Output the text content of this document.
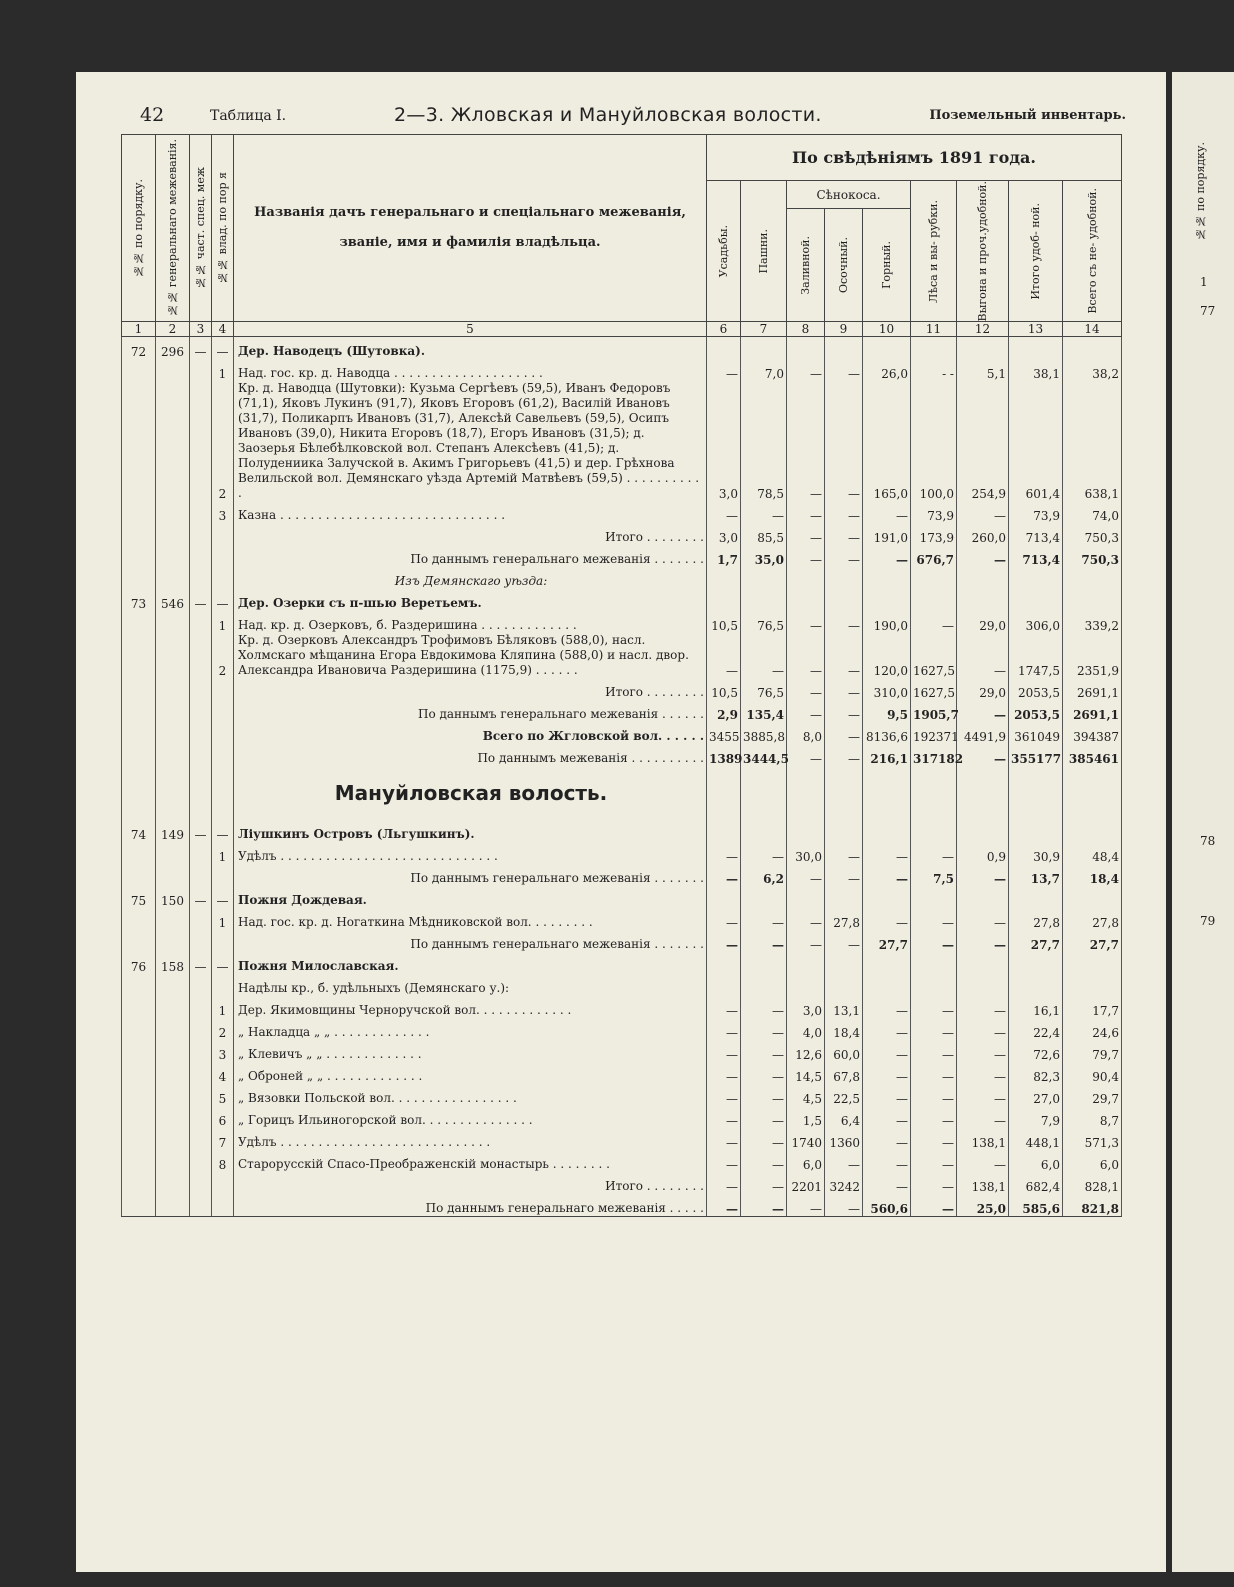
42	Таблица I.	2—3. Жловская и Мануйловская волости.	Поземельный инвентарь.
№№ по порядку.	№№ генеральнаго межеванія.	№№ част. спец. меж	№№ влад. по пор я	Названія дачъ генеральнаго и спеціальнаго межеванія, званіе, имя и фамилія владѣльца.	По свѣдѣніямъ 1891 года.								

					Усадьбы.	Пашни.	Сѣнокоса.			Лѣса и вы- рубки.	Выгона и проч.удобной.	Итого удоб- ной.	Всего съ не- удобной.

							Заливной.	Осочный.	Горный.				

1	2	3	4	5	6	7	8	9	10	11	12	13	14
72	296	—	—	Дер. Наводецъ (Шутовка).									
			1	Над. гос. кр. д. Наводца . . . . . . . . . . . . . . . . . . . .	—	7,0	—	—	26,0	- -	5,1	38,1	38,2
			2	Кр. д. Наводца (Шутовки): Кузьма Сергѣевъ (59,5), Иванъ Федоровъ (71,1), Яковъ Лукинъ (91,7), Яковъ Егоровъ (61,2), Василій Ивановъ (31,7), Поликарпъ Ивановъ (31,7), Алексѣй Савельевъ (59,5), Осипъ Ивановъ (39,0), Никита Егоровъ (18,7), Егоръ Ивановъ (31,5); д. Заозерья Бѣлебѣлковской вол. Степанъ Алексѣевъ (41,5); д. Полудениика Залучской в. Акимъ Григорьевъ (41,5) и дер. Грѣхнова Велильской вол. Демянскаго уѣзда Артемій Матвѣевъ (59,5) . . . . . . . . . . .	3,0	78,5	—	—	165,0	100,0	254,9	601,4	638,1
			3	Казна . . . . . . . . . . . . . . . . . . . . . . . . . . . . . .	—	—	—	—	—	73,9	—	73,9	74,0
				Итого . . . . . . . .	3,0	85,5	—	—	191,0	173,9	260,0	713,4	750,3
				По даннымъ генеральнаго межеванія . . . . . . .	1,7	35,0	—	—	—	676,7	—	713,4	750,3
				Изъ Демянскаго уѣзда:									
73	546	—	—	Дер. Озерки съ п-шью Веретьемъ.									
			1	Над. кр. д. Озерковъ, б. Раздеришина . . . . . . . . . . . . .	10,5	76,5	—	—	190,0	—	29,0	306,0	339,2
			2	Кр. д. Озерковъ Александръ Трофимовъ Бѣляковъ (588,0), насл. Холмскаго мѣщанина Егора Евдокимова Кляпина (588,0) и насл. двор. Александра Ивановича Раздеришина (1175,9) . . . . . .	—	—	—	—	120,0	1627,5	—	1747,5	2351,9
				Итого . . . . . . . .	10,5	76,5	—	—	310,0	1627,5	29,0	2053,5	2691,1
				По даннымъ генеральнаго межеванія . . . . . .	2,9	135,4	—	—	9,5	1905,7	—	2053,5	2691,1
				Всего по Жгловской вол. . . . . .	3455	3885,8	8,0	—	8136,6	192371	4491,9	361049	394387
				По даннымъ межеванія . . . . . . . . . .	1389	3444,5	—	—	216,1	317182	—	355177	385461
				Мануйловская волость.									
74	149	—	—	Ліушкинъ Островъ (Льгушкинъ).									
			1	Удѣлъ . . . . . . . . . . . . . . . . . . . . . . . . . . . . .	—	—	30,0	—	—	—	0,9	30,9	48,4
				По даннымъ генеральнаго межеванія . . . . . . .	—	6,2	—	—	—	7,5	—	13,7	18,4
75	150	—	—	Пожня Дождевая.									
			1	Над. гос. кр. д. Ногаткина Мѣдниковской вол. . . . . . . . .	—	—	—	27,8	—	—	—	27,8	27,8
				По даннымъ генеральнаго межеванія . . . . . . .	—	—	—	—	27,7	—	—	27,7	27,7
76	158	—	—	Пожня Милославская.									
				Надѣлы кр., б. удѣльныхъ (Демянскаго у.):									
			1	Дер. Якимовщины Черноручской вол. . . . . . . . . . . . .	—	—	3,0	13,1	—	—	—	16,1	17,7
			2	„ Накладца „ „ . . . . . . . . . . . . .	—	—	4,0	18,4	—	—	—	22,4	24,6
			3	„ Клевичъ „ „ . . . . . . . . . . . . .	—	—	12,6	60,0	—	—	—	72,6	79,7
			4	„ Оброней „ „ . . . . . . . . . . . . .	—	—	14,5	67,8	—	—	—	82,3	90,4
			5	„ Вязовки Польской вол. . . . . . . . . . . . . . . . .	—	—	4,5	22,5	—	—	—	27,0	29,7
			6	„ Горицъ Ильиногорской вол. . . . . . . . . . . . . . .	—	—	1,5	6,4	—	—	—	7,9	8,7
			7	Удѣлъ . . . . . . . . . . . . . . . . . . . . . . . . . . . .	—	—	1740	1360	—	—	138,1	448,1	571,3
			8	Старорусскій Спасо-Преображенскій монастырь . . . . . . . .	—	—	6,0	—	—	—	—	6,0	6,0
				Итого . . . . . . . .	—	—	2201	3242	—	—	138,1	682,4	828,1
				По даннымъ генеральнаго межеванія . . . . .	—	—	—	—	560,6	—	25,0	585,6	821,8
№№ по порядку.
1
77
78
79
